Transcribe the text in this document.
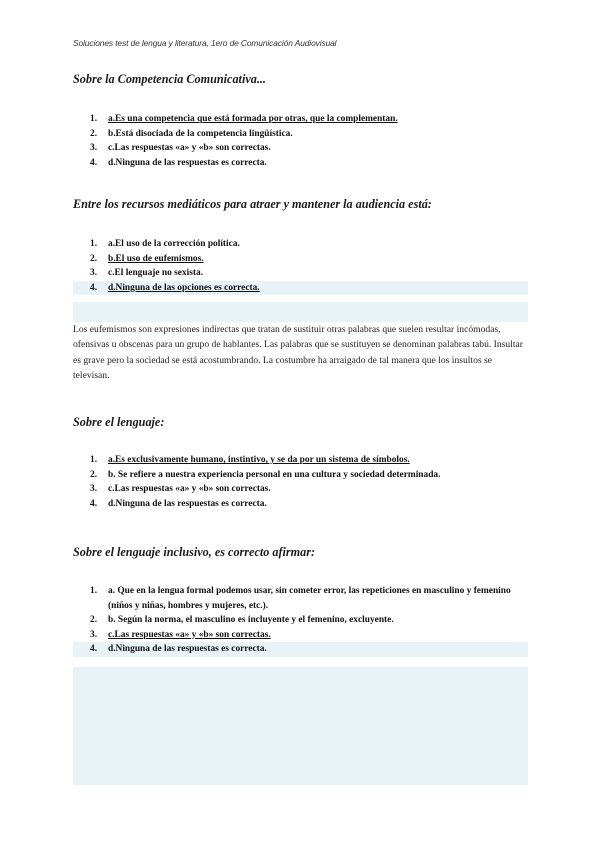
Soluciones test de lengua y literatura, 1ero de Comunicación Audiovisual
Sobre la Competencia Comunicativa...
1. a.Es una competencia que está formada por otras, que la complementan.
2. b.Está disociada de la competencia lingüística.
3. c.Las respuestas «a» y «b» son correctas.
4. d.Ninguna de las respuestas es correcta.
Entre los recursos mediáticos para atraer y mantener la audiencia está:
1. a.El uso de la corrección política.
2. b.El uso de eufemismos.
3. c.El lenguaje no sexista.
4. d.Ninguna de las opciones es correcta.

Los eufemismos son expresiones indirectas que tratan de sustituir otras palabras que suelen resultar incómodas, ofensivas u obscenas para un grupo de hablantes. Las palabras que se sustituyen se denominan palabras tabú. Insultar es grave pero la sociedad se está acostumbrando. La costumbre ha arraigado de tal manera que los insultos se televisan.

Sobre el lenguaje:
1. a.Es exclusivamente humano, instintivo, y se da por un sistema de símbolos.
2. b. Se refiere a nuestra experiencia personal en una cultura y sociedad determinada.
3. c.Las respuestas «a» y «b» son correctas.
4. d.Ninguna de las respuestas es correcta.
Sobre el lenguaje inclusivo, es correcto afirmar:
1. a. Que en la lengua formal podemos usar, sin cometer error, las repeticiones en masculino y femenino (niños y niñas, hombres y mujeres, etc.).
2. b. Según la norma, el masculino es incluyente y el femenino, excluyente.
3. c.Las respuestas «a» y «b» son correctas.
4. d.Ninguna de las respuestas es correcta.
